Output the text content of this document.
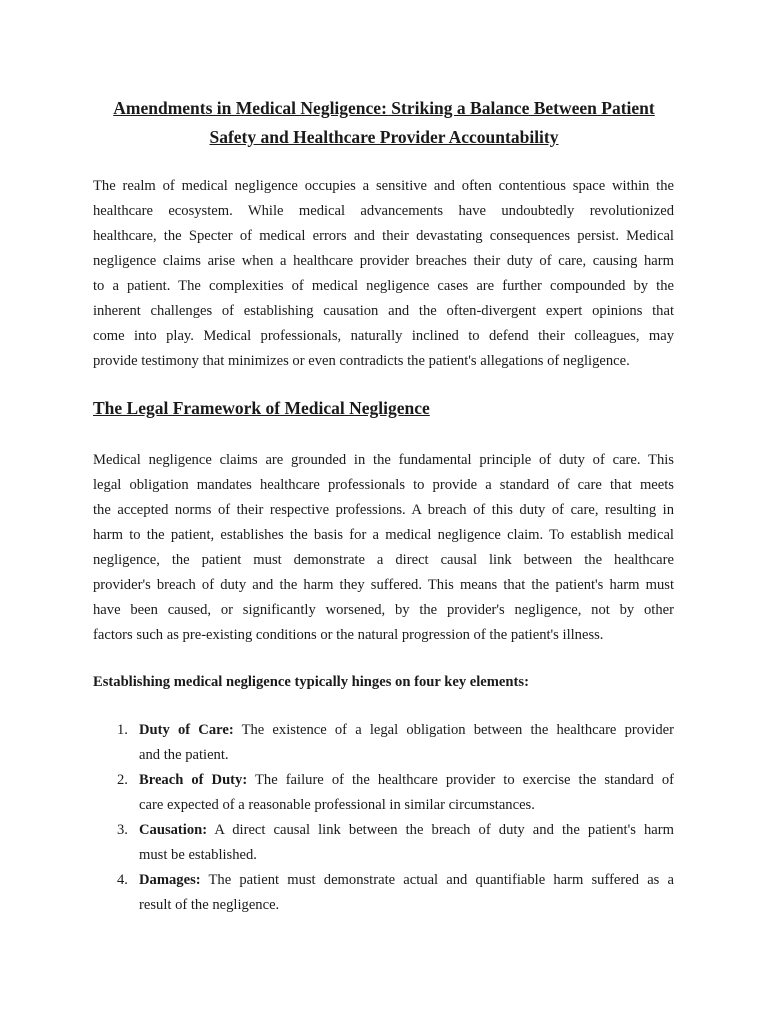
Amendments in Medical Negligence: Striking a Balance Between Patient
Safety and Healthcare Provider Accountability
The realm of medical negligence occupies a sensitive and often contentious space within the
healthcare ecosystem. While medical advancements have undoubtedly revolutionized
healthcare, the Specter of medical errors and their devastating consequences persist. Medical
negligence claims arise when a healthcare provider breaches their duty of care, causing harm
to a patient. The complexities of medical negligence cases are further compounded by the
inherent challenges of establishing causation and the often-divergent expert opinions that
come into play. Medical professionals, naturally inclined to defend their colleagues, may
provide testimony that minimizes or even contradicts the patient's allegations of negligence.
The Legal Framework of Medical Negligence
Medical negligence claims are grounded in the fundamental principle of duty of care. This
legal obligation mandates healthcare professionals to provide a standard of care that meets
the accepted norms of their respective professions. A breach of this duty of care, resulting in
harm to the patient, establishes the basis for a medical negligence claim. To establish medical
negligence, the patient must demonstrate a direct causal link between the healthcare
provider's breach of duty and the harm they suffered. This means that the patient's harm must
have been caused, or significantly worsened, by the provider's negligence, not by other
factors such as pre-existing conditions or the natural progression of the patient's illness.
Establishing medical negligence typically hinges on four key elements:
1. Duty of Care: The existence of a legal obligation between the healthcare provider
and the patient.
2. Breach of Duty: The failure of the healthcare provider to exercise the standard of
care expected of a reasonable professional in similar circumstances.
3. Causation: A direct causal link between the breach of duty and the patient's harm
must be established.
4. Damages: The patient must demonstrate actual and quantifiable harm suffered as a
result of the negligence.
